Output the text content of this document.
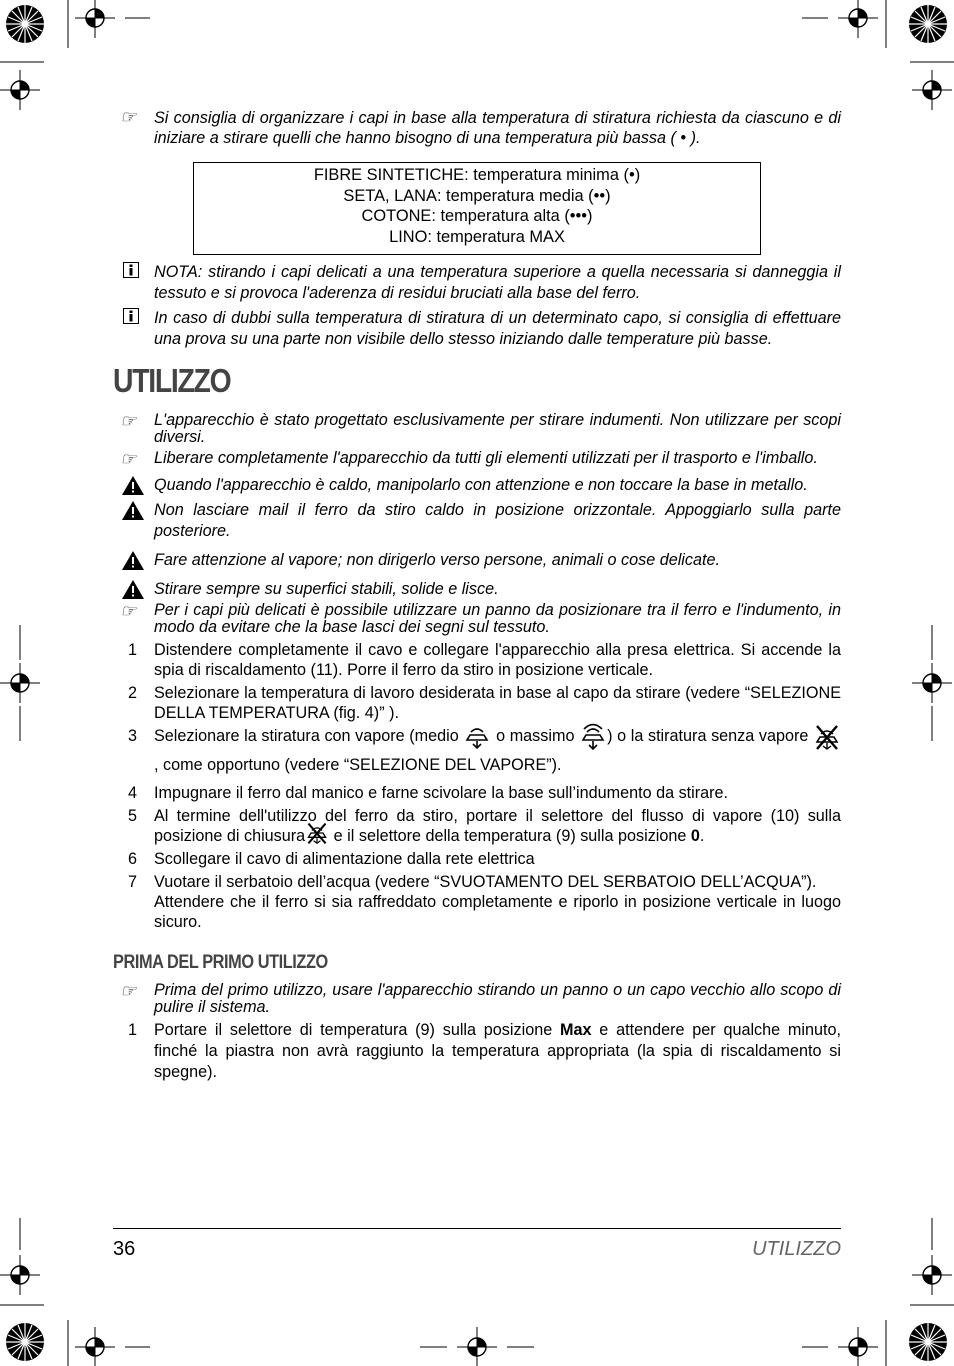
☞ Si consiglia di organizzare i capi in base alla temperatura di stiratura richiesta da ciascuno e di iniziare a stirare quelli che hanno bisogno di una temperatura più bassa ( • ).
FIBRE SINTETICHE: temperatura minima (•)
SETA, LANA: temperatura media (••)
COTONE: temperatura alta (•••)
LINO: temperatura MAX
NOTA: stirando i capi delicati a una temperatura superiore a quella necessaria si danneggia il tessuto e si provoca l'aderenza di residui bruciati alla base del ferro.
In caso di dubbi sulla temperatura di stiratura di un determinato capo, si consiglia di effettuare una prova su una parte non visibile dello stesso iniziando dalle temperature più basse.
UTILIZZO
☞ L'apparecchio è stato progettato esclusivamente per stirare indumenti. Non utilizzare per scopi diversi.
☞ Liberare completamente l'apparecchio da tutti gli elementi utilizzati per il trasporto e l'imballo.
Quando l'apparecchio è caldo, manipolarlo con attenzione e non toccare la base in metallo.
Non lasciare mail il ferro da stiro caldo in posizione orizzontale. Appoggiarlo sulla parte posteriore.
Fare attenzione al vapore; non dirigerlo verso persone, animali o cose delicate.
Stirare sempre su superfici stabili, solide e lisce.
☞ Per i capi più delicati è possibile utilizzare un panno da posizionare tra il ferro e l'indumento, in modo da evitare che la base lasci dei segni sul tessuto.
1	Distendere completamente il cavo e collegare l'apparecchio alla presa elettrica. Si accende la spia di riscaldamento (11). Porre il ferro da stiro in posizione verticale.
2	Selezionare la temperatura di lavoro desiderata in base al capo da stirare (vedere “SELEZIONE DELLA TEMPERATURA (fig. 4)” ).
3	Selezionare la stiratura con vapore (medio o massimo ) o la stiratura senza vapore , come opportuno (vedere “SELEZIONE DEL VAPORE”).
4	Impugnare il ferro dal manico e farne scivolare la base sull’indumento da stirare.
5	Al termine dell'utilizzo del ferro da stiro, portare il selettore del flusso di vapore (10) sulla posizione di chiusura e il selettore della temperatura (9) sulla posizione 0.
6	Scollegare il cavo di alimentazione dalla rete elettrica
7	Vuotare il serbatoio dell’acqua (vedere “SVUOTAMENTO DEL SERBATOIO DELL’ACQUA”).
Attendere che il ferro si sia raffreddato completamente e riporlo in posizione verticale in luogo sicuro.
PRIMA DEL PRIMO UTILIZZO
☞ Prima del primo utilizzo, usare l'apparecchio stirando un panno o un capo vecchio allo scopo di pulire il sistema.
1	Portare il selettore di temperatura (9) sulla posizione Max e attendere per qualche minuto, finché la piastra non avrà raggiunto la temperatura appropriata (la spia di riscaldamento si spegne).
36	UTILIZZO
